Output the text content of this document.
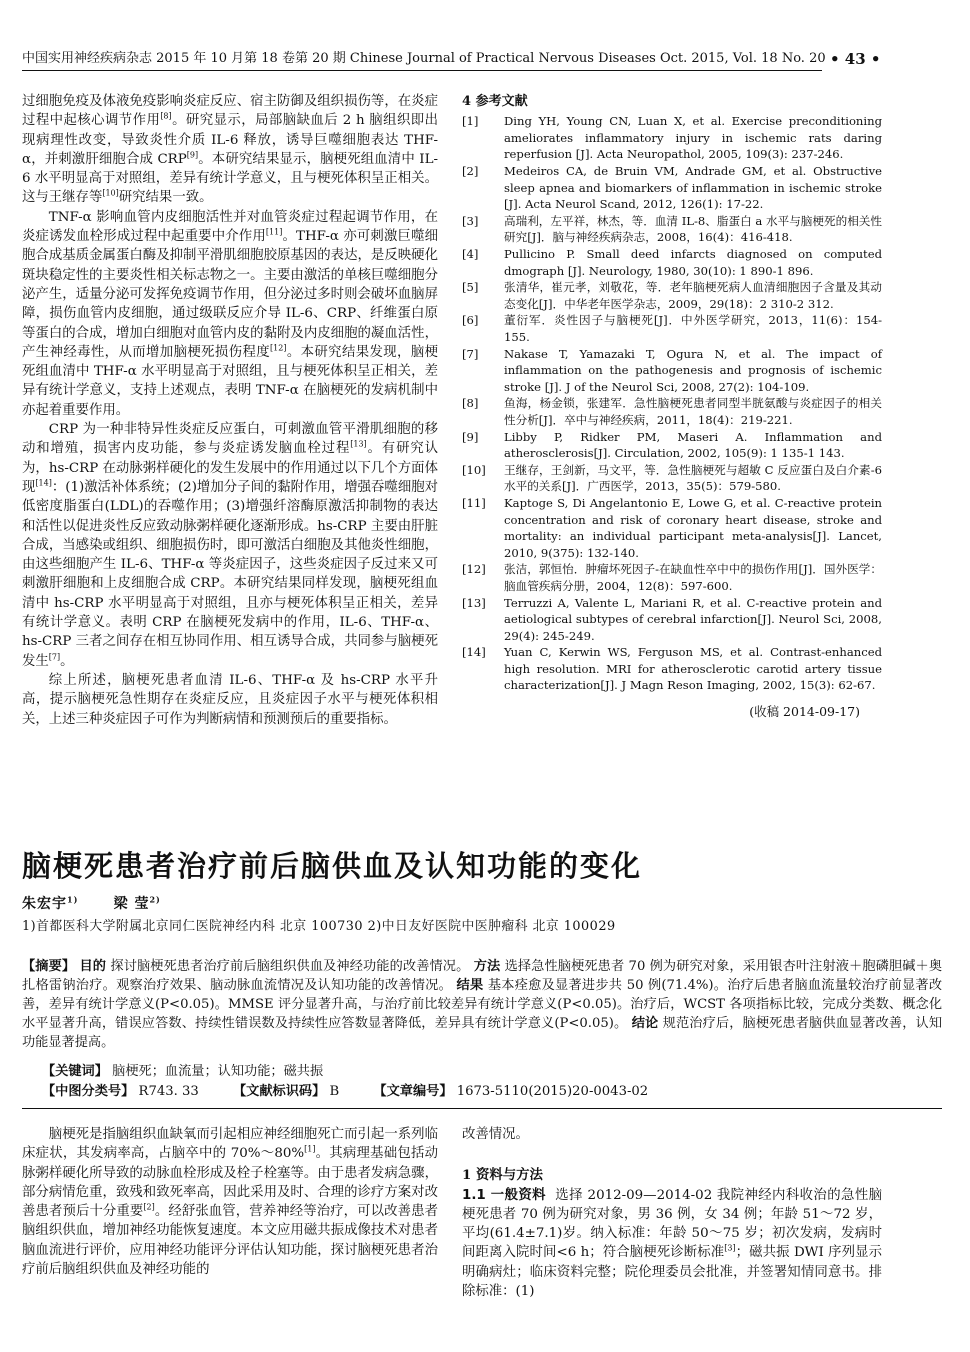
中国实用神经疾病杂志 2015 年 10 月第 18 卷第 20 期 Chinese Journal of Practical Nervous Diseases Oct. 2015, Vol. 18 No. 20 • 43 •

过细胞免疫及体液免疫影响炎症反应、宿主防御及组织损伤等，在炎症过程中起核心调节作用[8]。研究显示，局部脑缺血后 2 h 脑组织即出现病理性改变，导致炎性介质 IL-6 释放，诱导巨噬细胞表达 THF-α，并刺激肝细胞合成 CRP[9]。本研究结果显示，脑梗死组血清中 IL-6 水平明显高于对照组，差异有统计学意义，且与梗死体积呈正相关。这与王继存等[10]研究结果一致。

TNF-α 影响血管内皮细胞活性并对血管炎症过程起调节作用，在炎症诱发血栓形成过程中起重要中介作用[11]。THF-α 亦可刺激巨噬细胞合成基质金属蛋白酶及抑制平滑肌细胞胶原基因的表达，是反映硬化斑块稳定性的主要炎性相关标志物之一。主要由激活的单核巨噬细胞分泌产生，适量分泌可发挥免疫调节作用，但分泌过多时则会破坏血脑屏障，损伤血管内皮细胞，通过级联反应介导 IL-6、CRP、纤维蛋白原等蛋白的合成，增加白细胞对血管内皮的黏附及内皮细胞的凝血活性，产生神经毒性，从而增加脑梗死损伤程度[12]。本研究结果发现，脑梗死组血清中 THF-α 水平明显高于对照组，且与梗死体积呈正相关，差异有统计学意义，支持上述观点，表明 TNF-α 在脑梗死的发病机制中亦起着重要作用。

CRP 为一种非特异性炎症反应蛋白，可刺激血管平滑肌细胞的移动和增殖，损害内皮功能，参与炎症诱发脑血栓过程[13]。有研究认为，hs-CRP 在动脉粥样硬化的发生发展中的作用通过以下几个方面体现[14]：(1)激活补体系统；(2)增加分子间的黏附作用，增强吞噬细胞对低密度脂蛋白(LDL)的吞噬作用；(3)增强纤溶酶原激活抑制物的表达和活性以促进炎性反应致动脉粥样硬化逐渐形成。hs-CRP 主要由肝脏合成，当感染或组织、细胞损伤时，即可激活白细胞及其他炎性细胞，由这些细胞产生 IL-6、THF-α 等炎症因子，这些炎症因子反过来又可刺激肝细胞和上皮细胞合成 CRP。本研究结果同样发现，脑梗死组血清中 hs-CRP 水平明显高于对照组，且亦与梗死体积呈正相关，差异有统计学意义。表明 CRP 在脑梗死发病中的作用，IL-6、THF-α、hs-CRP 三者之间存在相互协同作用、相互诱导合成，共同参与脑梗死发生[7]。

综上所述，脑梗死患者血清 IL-6、THF-α 及 hs-CRP 水平升高，提示脑梗死急性期存在炎症反应，且炎症因子水平与梗死体积相关，上述三种炎症因子可作为判断病情和预测预后的重要指标。

4 参考文献
[1]	Ding YH, Young CN, Luan X, et al. Exercise preconditioning ameliorates inflammatory injury in ischemic rats daring reperfusion [J]. Acta Neuropathol, 2005, 109(3): 237-246.
[2]	Medeiros CA, de Bruin VM, Andrade GM, et al. Obstructive sleep apnea and biomarkers of inflammation in ischemic stroke [J]. Acta Neurol Scand, 2012, 126(1): 17-22.
[3]	高瑞利，左平祥，林杰，等．血清 IL-8、脂蛋白 a 水平与脑梗死的相关性研究[J]．脑与神经疾病杂志，2008，16(4)：416-418.
[4]	Pullicino P. Small deed infarcts diagnosed on computed dmograph [J]. Neurology, 1980, 30(10): 1 890-1 896.
[5]	张清华，崔元孝，刘敬花，等．老年脑梗死病人血清细胞因子含量及其动态变化[J]．中华老年医学杂志，2009，29(18)：2 310-2 312.
[6]	董衍军．炎性因子与脑梗死[J]．中外医学研究，2013，11(6)：154-155.
[7]	Nakase T, Yamazaki T, Ogura N, et al. The impact of inflammation on the pathogenesis and prognosis of ischemic stroke [J]. J of the Neurol Sci, 2008, 27(2): 104-109.
[8]	鱼海，杨金锁，张建军．急性脑梗死患者同型半胱氨酸与炎症因子的相关性分析[J]．卒中与神经疾病，2011，18(4)：219-221.
[9]	Libby P, Ridker PM, Maseri A. Inflammation and atherosclerosis[J]. Circulation, 2002, 105(9): 1 135-1 143.
[10]	王继存，王剑新，马文平，等．急性脑梗死与超敏 C 反应蛋白及白介素-6 水平的关系[J]．广西医学，2013，35(5)：579-580.
[11]	Kaptoge S, Di Angelantonio E, Lowe G, et al. C-reactive protein concentration and risk of coronary heart disease, stroke and mortality: an individual participant meta-analysis[J]. Lancet, 2010, 9(375): 132-140.
[12]	张洁，郭恒怡．肿瘤坏死因子-在缺血性卒中中的损伤作用[J]．国外医学：脑血管疾病分册，2004，12(8)：597-600.
[13]	Terruzzi A, Valente L, Mariani R, et al. C-reactive protein and aetiological subtypes of cerebral infarction[J]. Neurol Sci, 2008, 29(4): 245-249.
[14]	Yuan C, Kerwin WS, Ferguson MS, et al. Contrast-enhanced high resolution. MRI for atherosclerotic carotid artery tissue characterization[J]. J Magn Reson Imaging, 2002, 15(3): 62-67.
(收稿 2014-09-17)
脑梗死患者治疗前后脑供血及认知功能的变化
朱宏宇$^{1)}$	梁 莹$^{2)}$
1)首都医科大学附属北京同仁医院神经内科 北京 100730 2)中日友好医院中医肿瘤科 北京 100029
【摘要】 目的 探讨脑梗死患者治疗前后脑组织供血及神经功能的改善情况。 方法 选择急性脑梗死患者 70 例为研究对象，采用银杏叶注射液＋胞磷胆碱＋奥扎格雷钠治疗。观察治疗效果、脑动脉血流情况及认知功能的改善情况。 结果 基本痊愈及显著进步共 50 例(71.4%)。治疗后患者脑血流量较治疗前显著改善，差异有统计学意义(P<0.05)。MMSE 评分显著升高，与治疗前比较差异有统计学意义(P<0.05)。治疗后，WCST 各项指标比较，完成分类数、概念化水平显著升高，错误应答数、持续性错误数及持续性应答数显著降低，差异具有统计学意义(P<0.05)。 结论 规范治疗后，脑梗死患者脑供血显著改善，认知功能显著提高。
【关键词】 脑梗死；血流量；认知功能；磁共振
【中图分类号】 R743. 33	【文献标识码】 B	【文章编号】 1673-5110(2015)20-0043-02

脑梗死是指脑组织血缺氧而引起相应神经细胞死亡而引起一系列临床症状，其发病率高，占脑卒中的 70%～80%[1]。其病理基础包括动脉粥样硬化所导致的动脉血栓形成及栓子栓塞等。由于患者发病急骤，部分病情危重，致残和致死率高，因此采用及时、合理的诊疗方案对改善患者预后十分重要[2]。经舒张血管，营养神经等治疗，可以改善患者脑组织供血，增加神经功能恢复速度。本文应用磁共振成像技术对患者脑血流进行评价，应用神经功能评分评估认知功能，探讨脑梗死患者治疗前后脑组织供血及神经功能的

改善情况。

1 资料与方法

1.1 一般资料 选择 2012-09—2014-02 我院神经内科收治的急性脑梗死患者 70 例为研究对象，男 36 例，女 34 例；年龄 51～72 岁，平均(61.4±7.1)岁。纳入标准：年龄 50～75 岁；初次发病，发病时间距离入院时间<6 h；符合脑梗死诊断标准[3]；磁共振 DWI 序列显示明确病灶；临床资料完整；院伦理委员会批准，并签署知情同意书。排除标准：(1)
